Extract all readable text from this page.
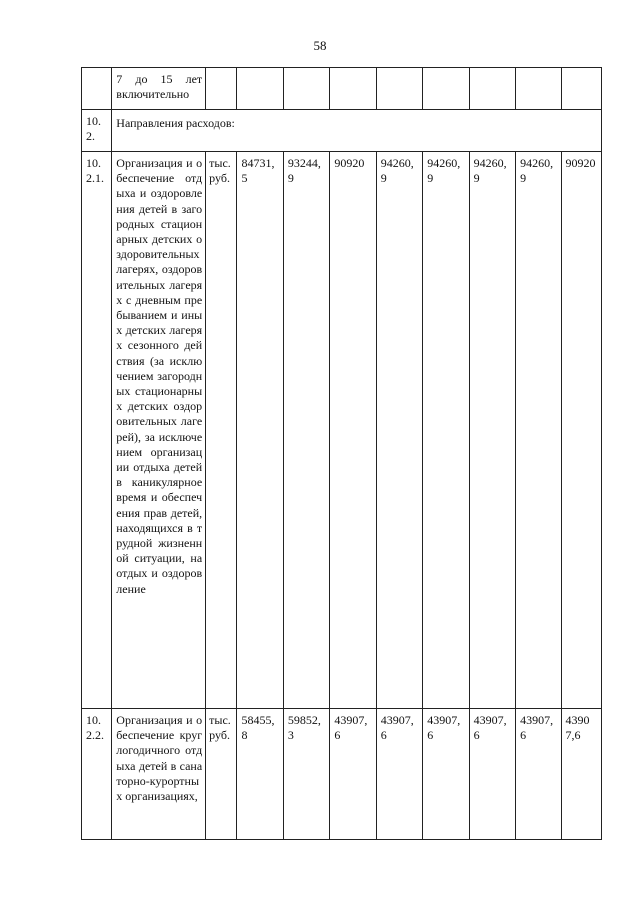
58

	7 до 15 лет
включительно									

10.
2.	Направления расходов:									
10.
2.1.	Организация и обеспечение отдыха и оздоровления детей в загородных стационарных детских оздоровительных лагерях, оздоровительных лагерях с дневным пребыванием и иных детских лагерях сезонного действия (за исключением загородных стационарных детских оздоровительных лагерей), за исключением организации отдыха детей в каникулярное время и обеспечения прав детей, находящихся в трудной жизненной ситуации, на отдых и оздоровление	тыс. руб.	84731,5	93244,9	90920	94260,9	94260,9	94260,9	94260,9	90920
10.
2.2.	Организация и обеспечение круглогодичного отдыха детей в санаторно-курортных организациях,	тыс. руб.	58455,8	59852,3	43907,6	43907,6	43907,6	43907,6	43907,6	43907,6
